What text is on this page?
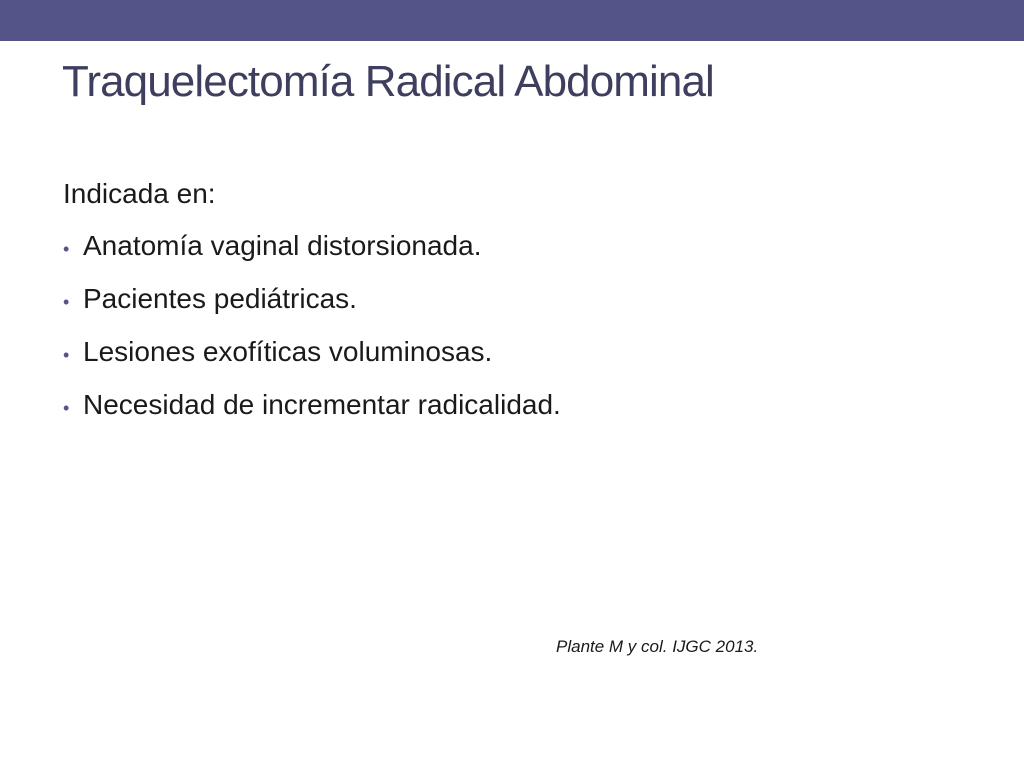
Traquelectomía Radical Abdominal
Indicada en:
• Anatomía vaginal distorsionada.
• Pacientes pediátricas.
• Lesiones exofíticas voluminosas.
• Necesidad de incrementar radicalidad.
Plante M y col. IJGC 2013.
